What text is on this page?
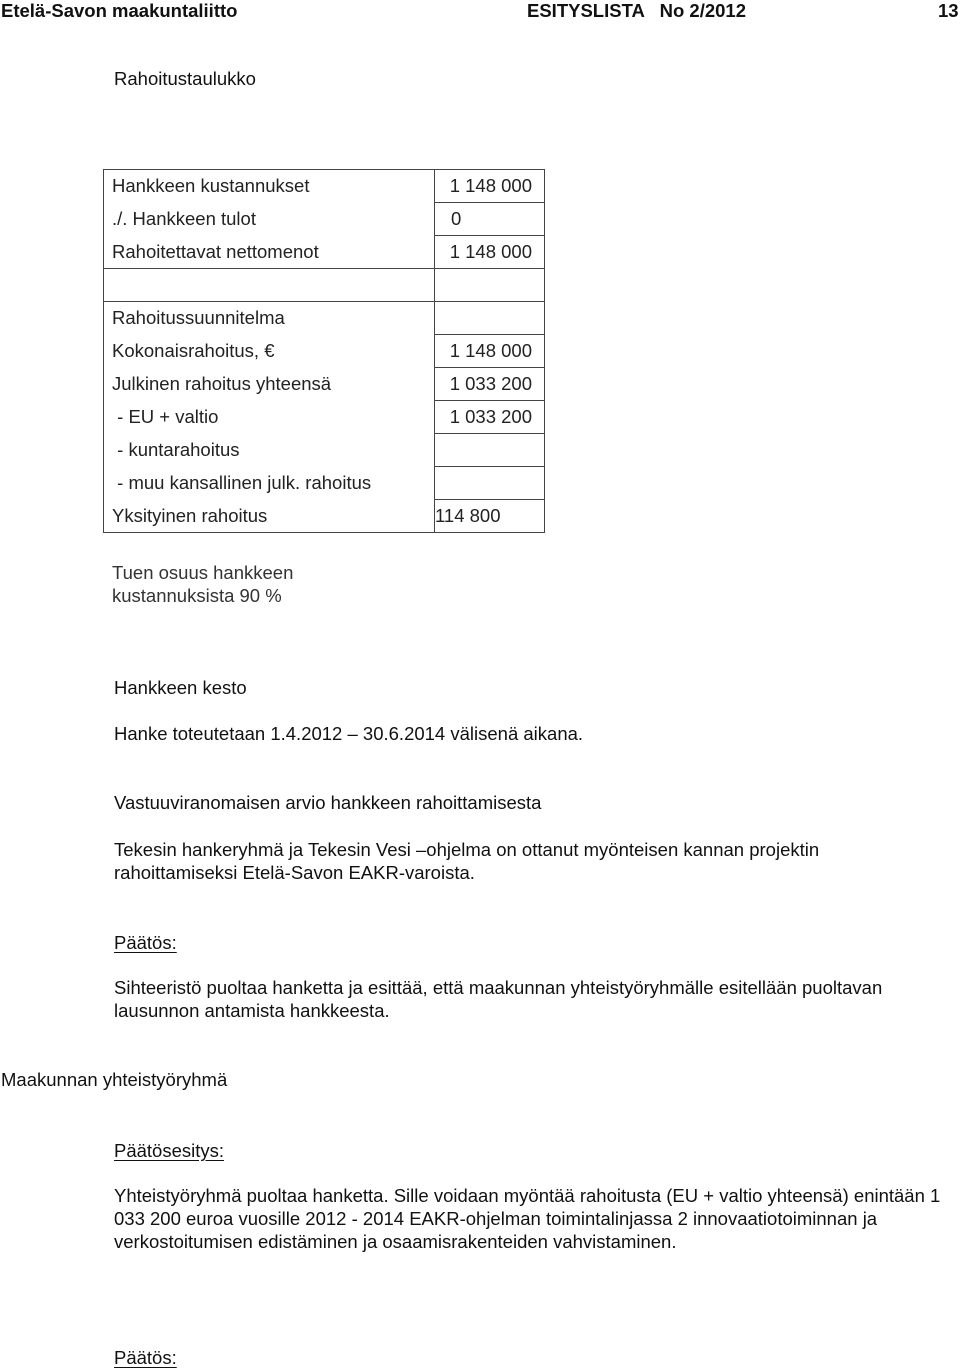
Etelä-Savon maakuntaliitto	ESITYSLISTA   No 2/2012	13
Rahoitustaulukko
Hankkeen kustannukset	1 148 000
./. Hankkeen tulot	0
Rahoitettavat nettomenot	1 148 000

Rahoitussuunnitelma	
Kokonaisrahoitus, €	1 148 000
Julkinen rahoitus yhteensä	1 033 200
- EU + valtio	1 033 200
- kuntarahoitus	
- muu kansallinen julk. rahoitus	
Yksityinen rahoitus	114 800
Tuen osuus hankkeen
kustannuksista 90 %
Hankkeen kesto
Hanke toteutetaan 1.4.2012 – 30.6.2014 välisenä aikana.
Vastuuviranomaisen arvio hankkeen rahoittamisesta
Tekesin hankeryhmä ja Tekesin Vesi –ohjelma on ottanut myönteisen kannan projektin rahoittamiseksi Etelä-Savon EAKR-varoista.
Päätös:
Sihteeristö puoltaa hanketta ja esittää, että maakunnan yhteistyöryhmälle esitellään puoltavan lausunnon antamista hankkeesta.
Maakunnan yhteistyöryhmä
Päätösesitys:
Yhteistyöryhmä puoltaa hanketta. Sille voidaan myöntää rahoitusta (EU + valtio yhteensä) enintään 1 033 200 euroa vuosille 2012 - 2014 EAKR-ohjelman toimintalinjassa 2 innovaatiotoiminnan ja verkostoitumisen edistäminen ja osaamisrakenteiden vahvistaminen.
Päätös:
